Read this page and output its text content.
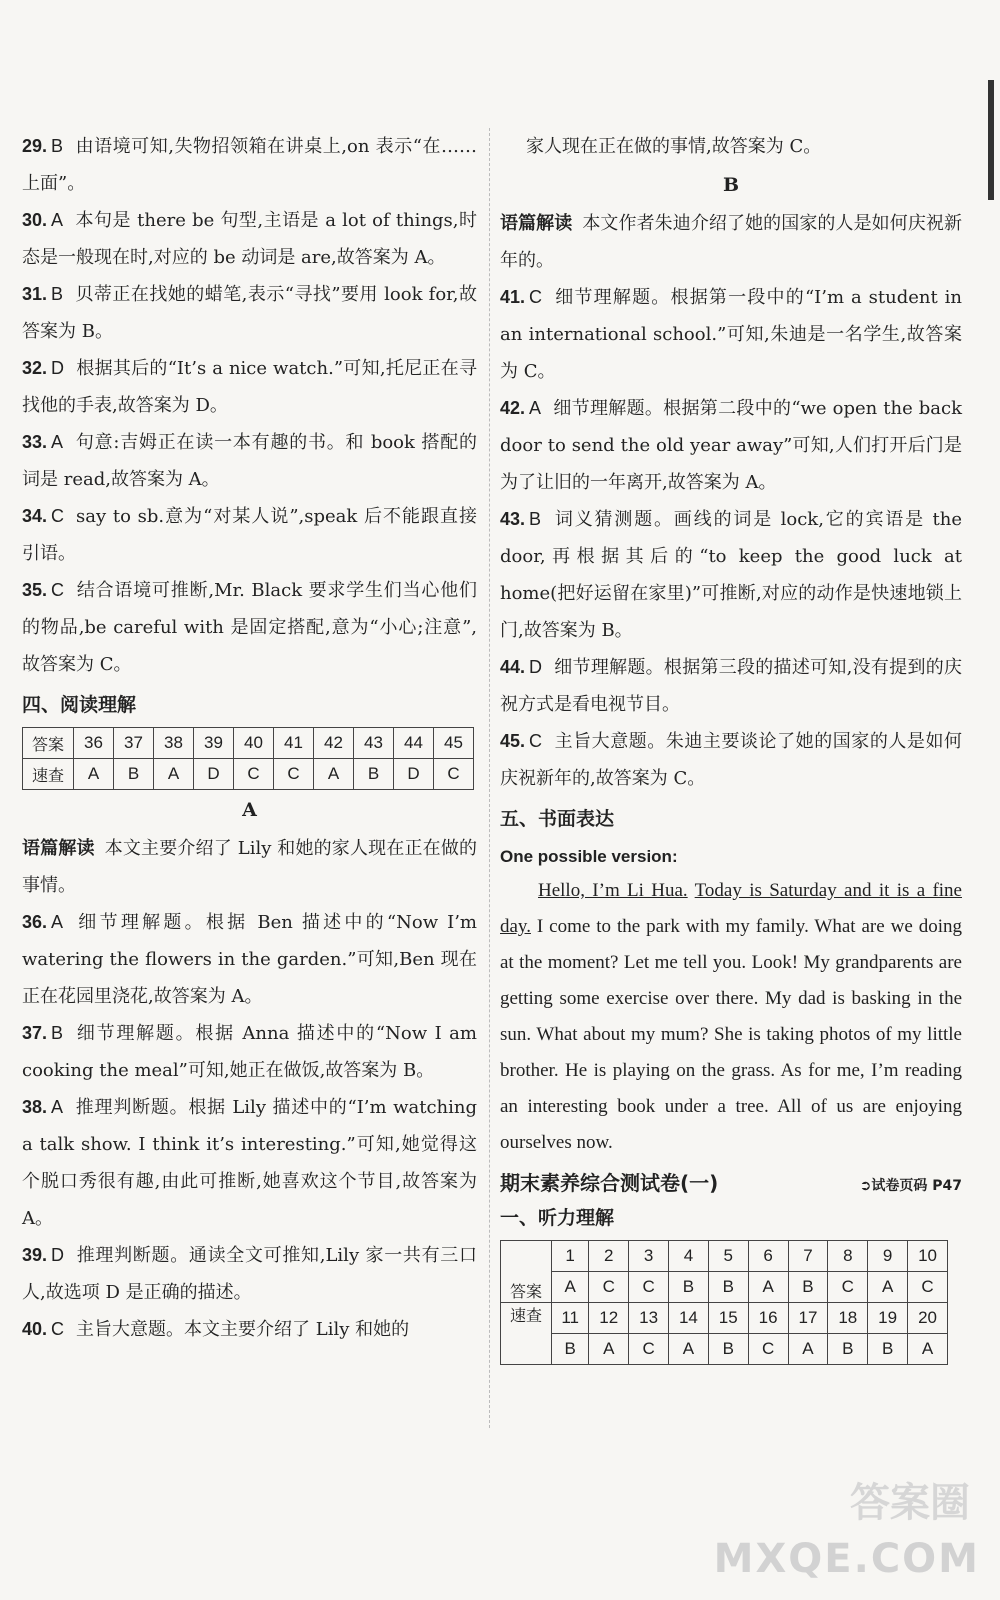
29. B 由语境可知,失物招领箱在讲桌上,on 表示“在……上面”。

30. A 本句是 there be 句型,主语是 a lot of things,时态是一般现在时,对应的 be 动词是 are,故答案为 A。

31. B 贝蒂正在找她的蜡笔,表示“寻找”要用 look for,故答案为 B。

32. D 根据其后的“It’s a nice watch.”可知,托尼正在寻找他的手表,故答案为 D。

33. A 句意:吉姆正在读一本有趣的书。和 book 搭配的词是 read,故答案为 A。

34. C say to sb.意为“对某人说”,speak 后不能跟直接引语。

35. C 结合语境可推断,Mr. Black 要求学生们当心他们的物品,be careful with 是固定搭配,意为“小心;注意”,故答案为 C。

四、阅读理解
答案	36	37	38	39	40	41	42	43	44	45
速查	A	B	A	D	C	C	A	B	D	C
A

语篇解读 本文主要介绍了 Lily 和她的家人现在正在做的事情。

36. A 细节理解题。根据 Ben 描述中的“Now I’m watering the flowers in the garden.”可知,Ben 现在正在花园里浇花,故答案为 A。

37. B 细节理解题。根据 Anna 描述中的“Now I am cooking the meal”可知,她正在做饭,故答案为 B。

38. A 推理判断题。根据 Lily 描述中的“I’m watching a talk show. I think it’s interesting.”可知,她觉得这个脱口秀很有趣,由此可推断,她喜欢这个节目,故答案为 A。

39. D 推理判断题。通读全文可推知,Lily 家一共有三口人,故选项 D 是正确的描述。

40. C 主旨大意题。本文主要介绍了 Lily 和她的

家人现在正在做的事情,故答案为 C。

B

语篇解读 本文作者朱迪介绍了她的国家的人是如何庆祝新年的。

41. C 细节理解题。根据第一段中的“I’m a student in an international school.”可知,朱迪是一名学生,故答案为 C。

42. A 细节理解题。根据第二段中的“we open the back door to send the old year away”可知,人们打开后门是为了让旧的一年离开,故答案为 A。

43. B 词义猜测题。画线的词是 lock,它的宾语是 the door,再根据其后的“to keep the good luck at home(把好运留在家里)”可推断,对应的动作是快速地锁上门,故答案为 B。

44. D 细节理解题。根据第三段的描述可知,没有提到的庆祝方式是看电视节目。

45. C 主旨大意题。朱迪主要谈论了她的国家的人是如何庆祝新年的,故答案为 C。

五、书面表达
One possible version:

Hello, I’m Li Hua. Today is Saturday and it is a fine day. I come to the park with my family. What are we doing at the moment? Let me tell you. Look! My grandparents are getting some exercise over there. My dad is basking in the sun. What about my mum? She is taking photos of my little brother. He is playing on the grass. As for me, I’m reading an interesting book under a tree. All of us are enjoying ourselves now.

期末素养综合测试卷(一)	➲试卷页码 P47
一、听力理解
答案	1	2	3	4	5	6	7	8	9	10
	A	C	C	B	B	A	B	C	A	C
速查	11	12	13	14	15	16	17	18	19	20
	B	A	C	A	B	C	A	B	B	A
答案圈
MXQE.COM
